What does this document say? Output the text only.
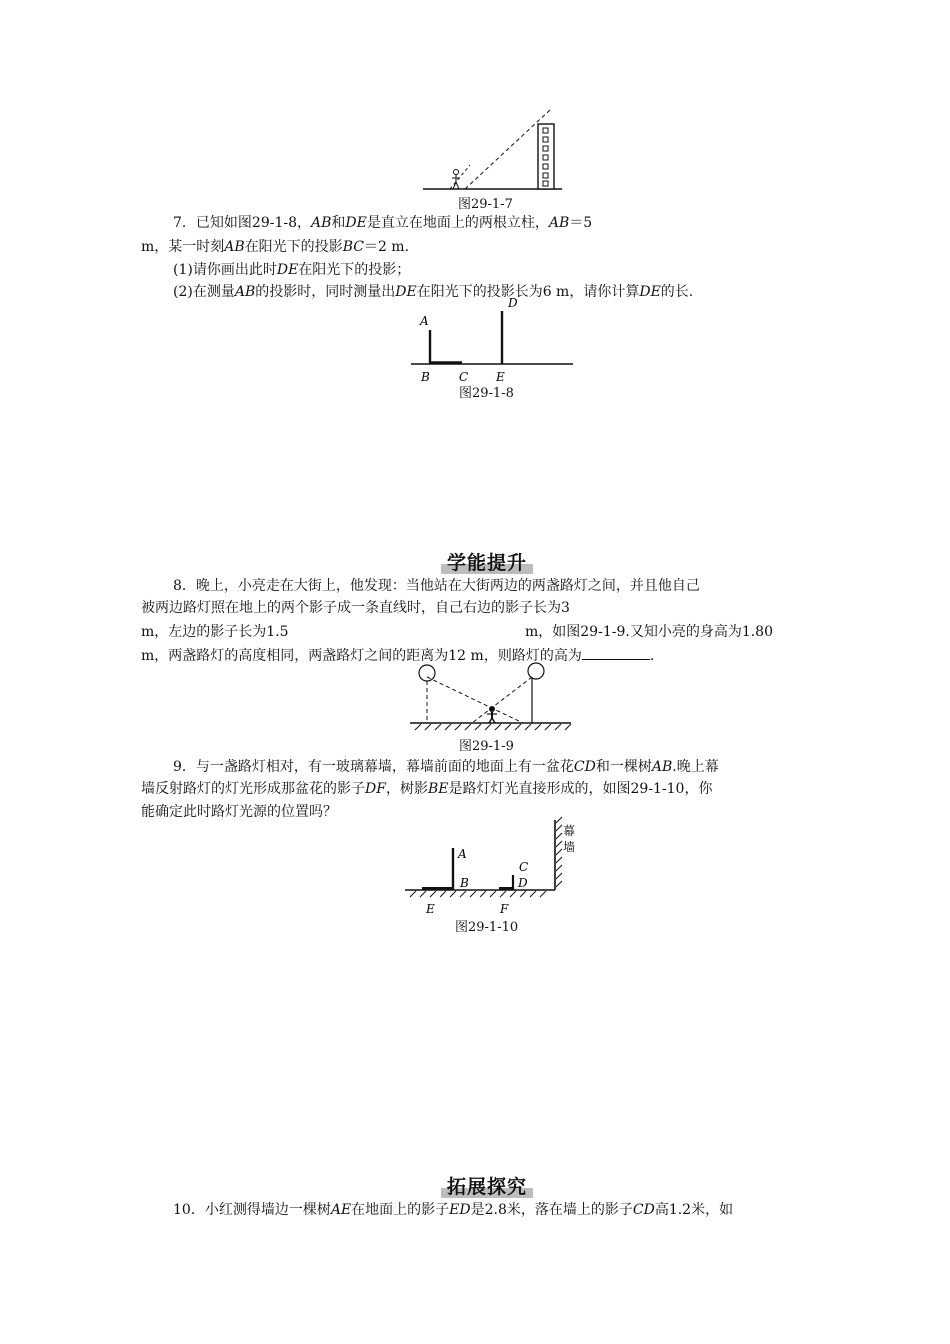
图29-1-7
7．已知如图29-1-8，AB和DE是直立在地面上的两根立柱，AB＝5
m，某一时刻AB在阳光下的投影BC＝2 m.
(1)请你画出此时DE在阳光下的投影；
(2)在测量AB的投影时，同时测量出DE在阳光下的投影长为6 m，请你计算DE的长.
A
B C
D
E
图29-1-8
学能提升
8．晚上，小亮走在大街上，他发现：当他站在大街两边的两盏路灯之间，并且他自己
被两边路灯照在地上的两个影子成一条直线时，自己右边的影子长为3
m，左边的影子长为1.5	m，如图29-1-9.又知小亮的身高为1.80
m，两盏路灯的高度相同，两盏路灯之间的距离为12 m，则路灯的高为	.
图29-1-9
9．与一盏路灯相对，有一玻璃幕墙，幕墙前面的地面上有一盆花CD和一棵树AB.晚上幕
墙反射路灯的灯光形成那盆花的影子DF，树影BE是路灯灯光直接形成的，如图29-1-10，你
能确定此时路灯光源的位置吗？
A
B
C
D
E	F
幕
墙
图29-1-10
拓展探究
10．小红测得墙边一棵树AE在地面上的影子ED是2.8米，落在墙上的影子CD高1.2米，如
